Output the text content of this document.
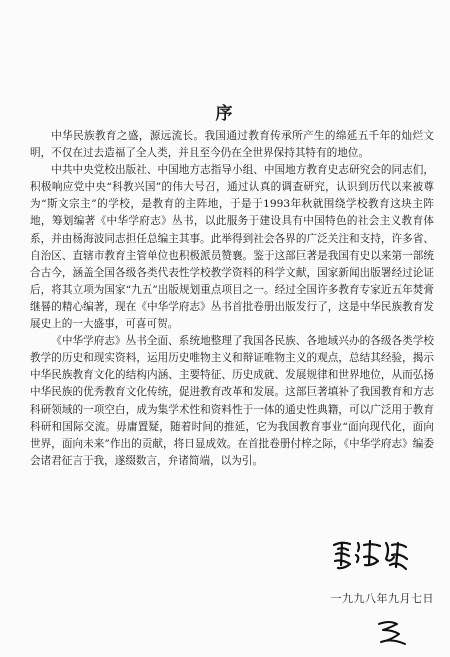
序

中华民族教育之盛，源远流长。我国通过教育传承所产生的绵延五千年的灿烂文明，不仅在过去造福了全人类，并且至今仍在全世界保持其特有的地位。

中共中央党校出版社、中国地方志指导小组、中国地方教育史志研究会的同志们，积极响应党中央“科教兴国”的伟大号召，通过认真的调查研究，认识到历代以来被尊为“斯文宗主”的学校，是教育的主阵地，于是于1993年秋就围绕学校教育这块主阵地，筹划编著《中华学府志》丛书，以此服务于建设具有中国特色的社会主义教育体系，并由杨海波同志担任总编主其事。此举得到社会各界的广泛关注和支持，许多省、自治区、直辖市教育主管单位也积极派员赞襄。鉴于这部巨著是我国有史以来第一部统合古今，涵盖全国各级各类代表性学校教学资料的科学文献，国家新闻出版署经过论证后，将其立项为国家“九五”出版规划重点项目之一。经过全国许多教育专家近五年焚膏继晷的精心编著，现在《中华学府志》丛书首批卷册出版发行了，这是中华民族教育发展史上的一大盛事，可喜可贺。

《中华学府志》丛书全面、系统地整理了我国各民族、各地域兴办的各级各类学校教学的历史和现实资料，运用历史唯物主义和辩证唯物主义的观点，总结其经验，揭示中华民族教育文化的结构内涵、主要特征、历史成就、发展规律和世界地位，从而弘扬中华民族的优秀教育文化传统，促进教育改革和发展。这部巨著填补了我国教育和方志科研领域的一项空白，成为集学术性和资料性于一体的通史性典籍，可以广泛用于教育科研和国际交流。毋庸置疑，随着时间的推延，它为我国教育事业“面向现代化，面向世界，面向未来”作出的贡献，将日显成效。在首批卷册付梓之际，《中华学府志》编委会诸君征言于我，遂缀数言，弁诸简端，以为引。

一九九八年九月七日
